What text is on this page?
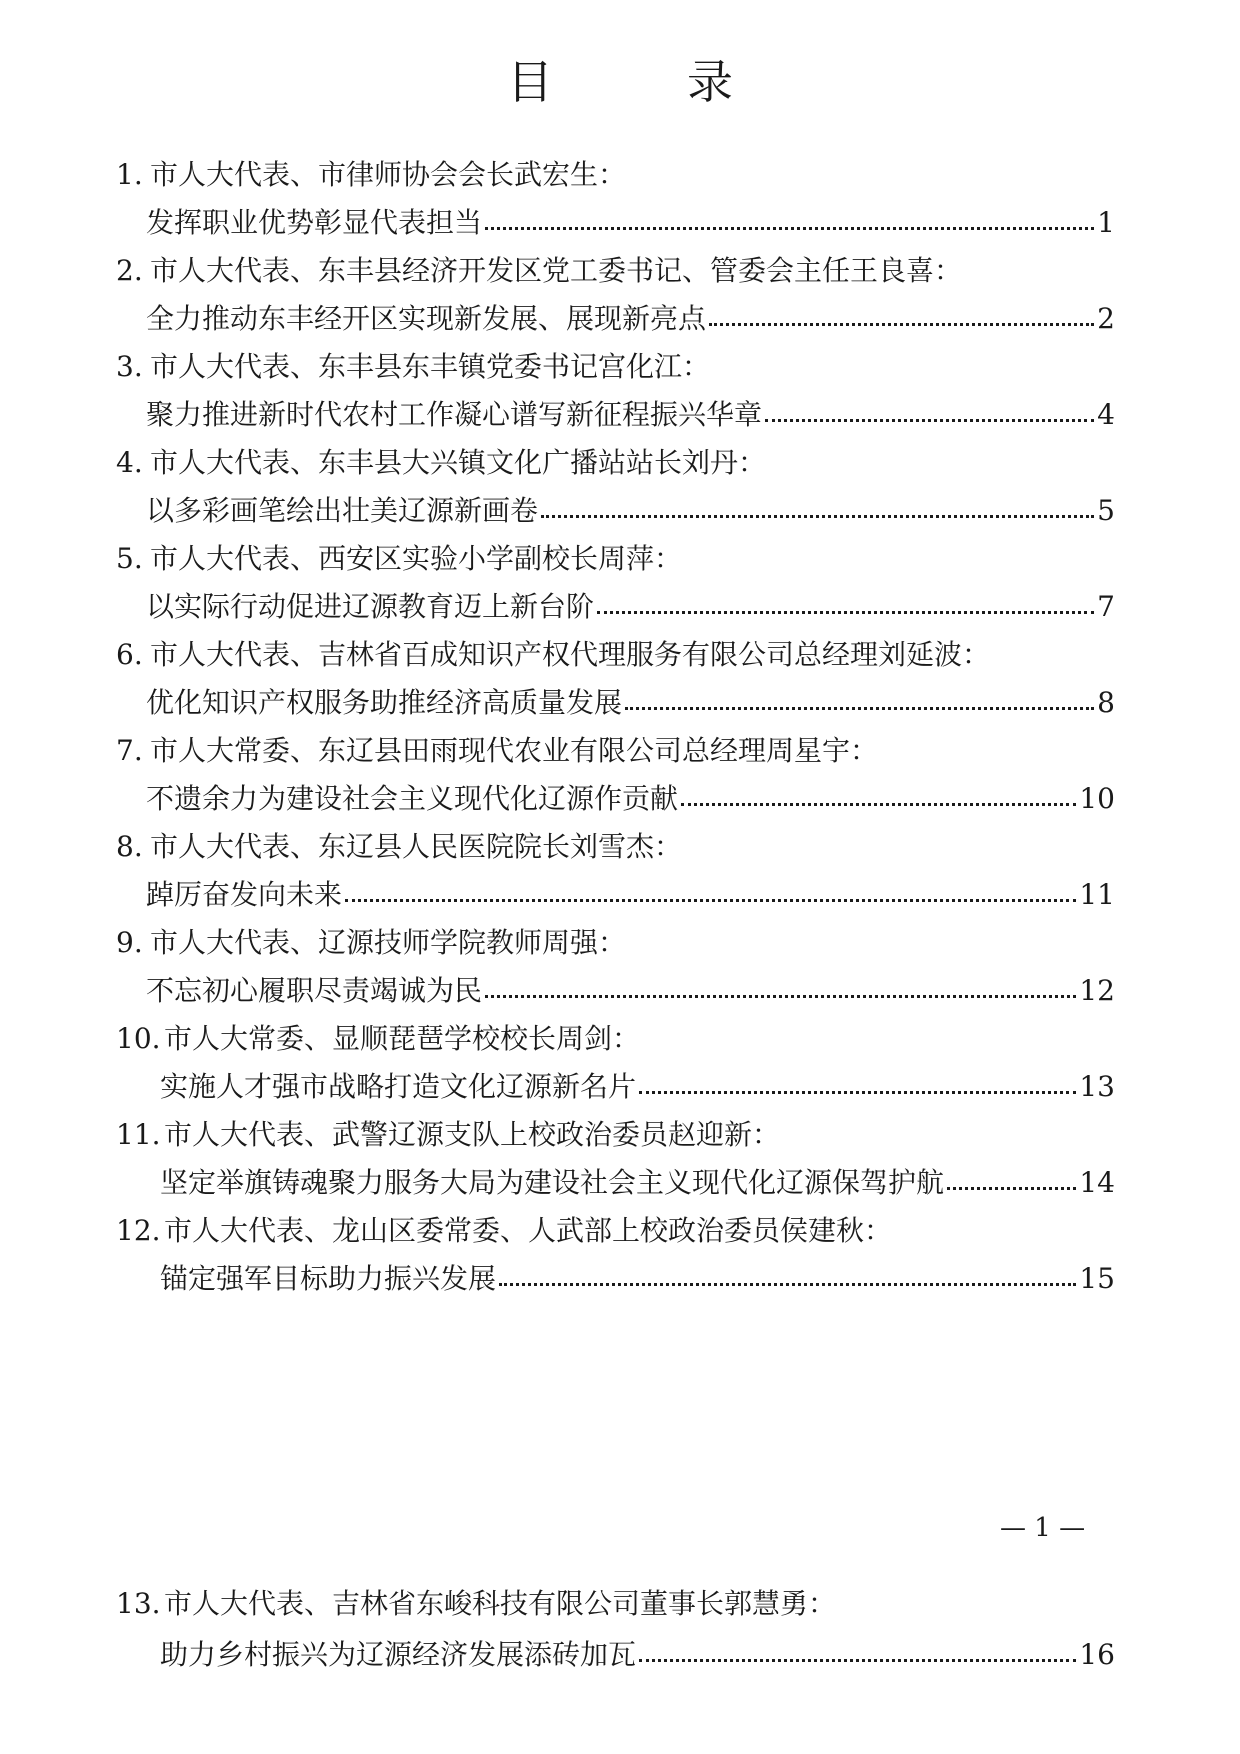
目　录
1. 市人大代表、市律师协会会长武宏生：
发挥职业优势彰显代表担当	1
2. 市人大代表、东丰县经济开发区党工委书记、管委会主任王良喜：
全力推动东丰经开区实现新发展、展现新亮点	2
3. 市人大代表、东丰县东丰镇党委书记宫化江：
聚力推进新时代农村工作凝心谱写新征程振兴华章	4
4. 市人大代表、东丰县大兴镇文化广播站站长刘丹：
以多彩画笔绘出壮美辽源新画卷	5
5. 市人大代表、西安区实验小学副校长周萍：
以实际行动促进辽源教育迈上新台阶	7
6. 市人大代表、吉林省百成知识产权代理服务有限公司总经理刘延波：
优化知识产权服务助推经济高质量发展	8
7. 市人大常委、东辽县田雨现代农业有限公司总经理周星宇：
不遗余力为建设社会主义现代化辽源作贡献	10
8. 市人大代表、东辽县人民医院院长刘雪杰：
踔厉奋发向未来	11
9. 市人大代表、辽源技师学院教师周强：
不忘初心履职尽责竭诚为民	12
10. 市人大常委、显顺琵琶学校校长周剑：
实施人才强市战略打造文化辽源新名片	13
11. 市人大代表、武警辽源支队上校政治委员赵迎新：
坚定举旗铸魂聚力服务大局为建设社会主义现代化辽源保驾护航	14
12. 市人大代表、龙山区委常委、人武部上校政治委员侯建秋：
锚定强军目标助力振兴发展	15
13. 市人大代表、吉林省东峻科技有限公司董事长郭慧勇：
助力乡村振兴为辽源经济发展添砖加瓦	16
— 1 —
